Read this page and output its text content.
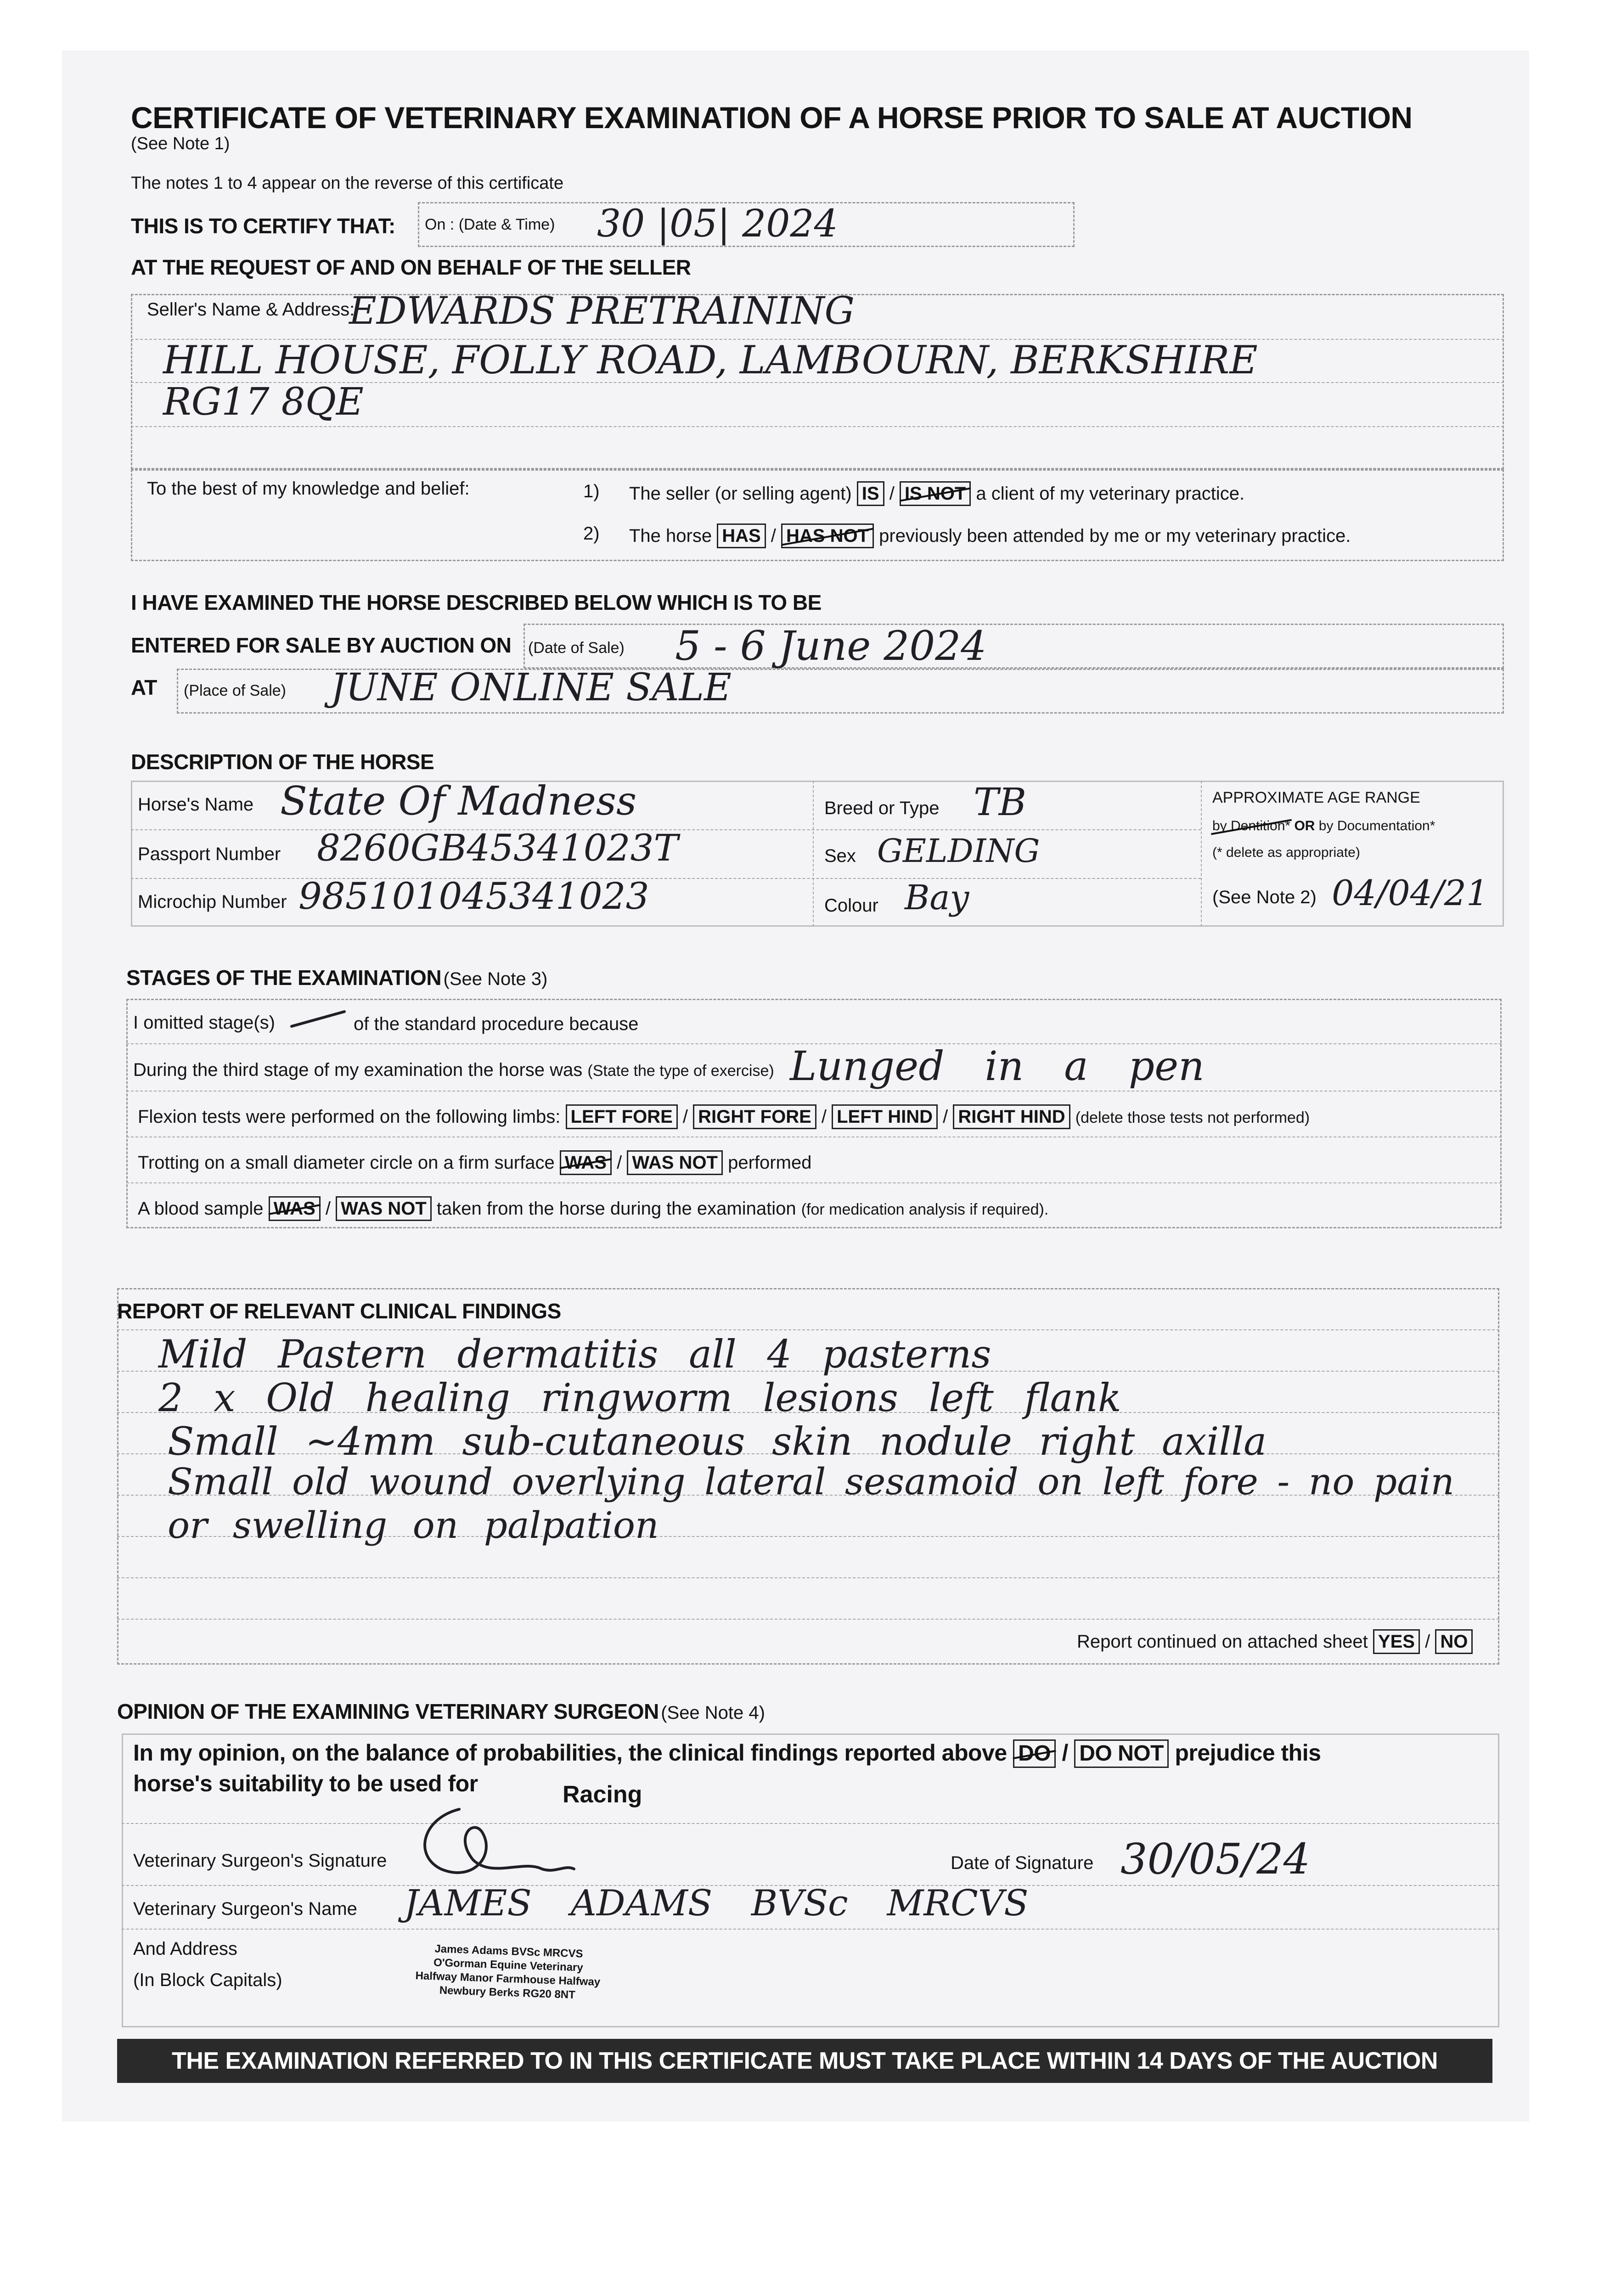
CERTIFICATE OF VETERINARY EXAMINATION OF A HORSE PRIOR TO SALE AT AUCTION
(See Note 1)
The notes 1 to 4 appear on the reverse of this certificate
THIS IS TO CERTIFY THAT: On : (Date & Time) 30 |05| 2024
AT THE REQUEST OF AND ON BEHALF OF THE SELLER
Seller's Name & Address:
EDWARDS PRETRAINING
HILL HOUSE, FOLLY ROAD, LAMBOURN, BERKSHIRE
RG17 8QE
To the best of my knowledge and belief:	1) The seller (or selling agent) IS / IS NOT a client of my veterinary practice.
2) The horse HAS / HAS NOT previously been attended by me or my veterinary practice.
I HAVE EXAMINED THE HORSE DESCRIBED BELOW WHICH IS TO BE
ENTERED FOR SALE BY AUCTION ON (Date of Sale) 5 - 6 June 2024
AT (Place of Sale) JUNE ONLINE SALE
DESCRIPTION OF THE HORSE
Horse's Name State Of Madness
Passport Number 8260GB45341023T
Microchip Number 985101045341023
Breed or Type TB
Sex GELDING
Colour Bay
APPROXIMATE AGE RANGE
by Dentition* OR by Documentation*
(* delete as appropriate)
(See Note 2) 04/04/21
STAGES OF THE EXAMINATION (See Note 3)
I omitted stage(s)	of the standard procedure because
During the third stage of my examination the horse was (State the type of exercise) Lunged in a pen
Flexion tests were performed on the following limbs: LEFT FORE / RIGHT FORE / LEFT HIND / RIGHT HIND (delete those tests not performed)
Trotting on a small diameter circle on a firm surface WAS / WAS NOT performed
A blood sample WAS / WAS NOT taken from the horse during the examination (for medication analysis if required).
REPORT OF RELEVANT CLINICAL FINDINGS
Mild Pastern dermatitis all 4 pasterns
2 x Old healing ringworm lesions left flank
Small ~4mm sub-cutaneous skin nodule right axilla
Small old wound overlying lateral sesamoid on left fore - no pain
or swelling on palpation
Report continued on attached sheet YES / NO
OPINION OF THE EXAMINING VETERINARY SURGEON (See Note 4)
In my opinion, on the balance of probabilities, the clinical findings reported above DO / DO NOT prejudice this
horse's suitability to be used for	Racing
Veterinary Surgeon's Signature	Date of Signature 30/05/24
Veterinary Surgeon's Name JAMES ADAMS BVSc MRCVS
And Address
(In Block Capitals)
James Adams BVSc MRCVS
O'Gorman Equine Veterinary
Halfway Manor Farmhouse Halfway
Newbury Berks RG20 8NT
THE EXAMINATION REFERRED TO IN THIS CERTIFICATE MUST TAKE PLACE WITHIN 14 DAYS OF THE AUCTION
